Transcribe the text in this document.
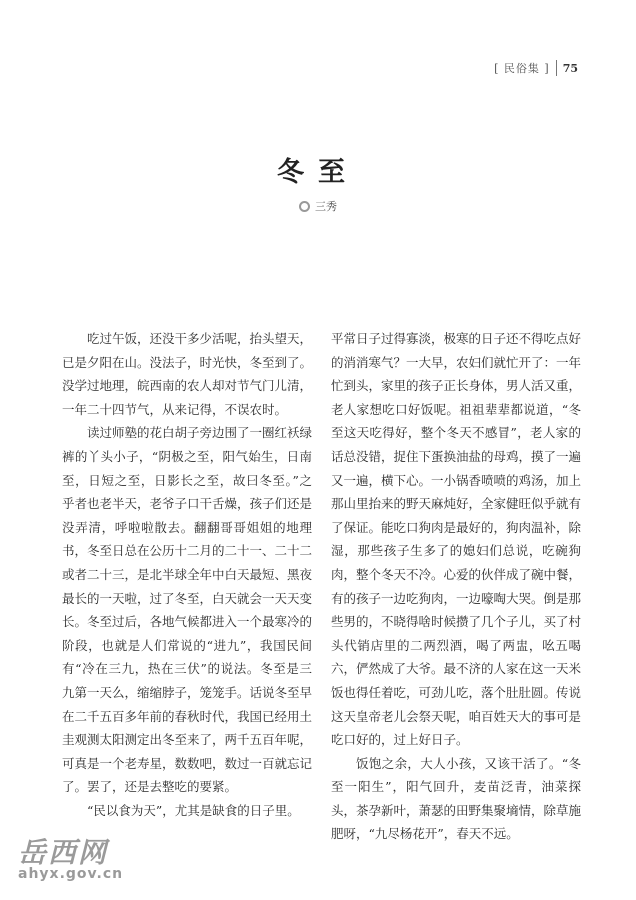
[ 民俗集 ] 75
冬至
三秀

吃过午饭，还没干多少活呢，抬头望天，已是夕阳在山。没法子，时光快，冬至到了。没学过地理，皖西南的农人却对节气门儿清，一年二十四节气，从来记得，不误农时。

读过师塾的花白胡子旁边围了一圈红袄绿裤的丫头小子，“阴极之至，阳气始生，日南至，日短之至，日影长之至，故曰冬至。”之乎者也老半天，老爷子口干舌燥，孩子们还是没弄清，呼啦啦散去。翻翻哥哥姐姐的地理书，冬至日总在公历十二月的二十一、二十二或者二十三，是北半球全年中白天最短、黑夜最长的一天啦，过了冬至，白天就会一天天变长。冬至过后，各地气候都进入一个最寒冷的阶段，也就是人们常说的“进九”，我国民间有“冷在三九，热在三伏”的说法。冬至是三九第一天么，缩缩脖子，笼笼手。话说冬至早在二千五百多年前的春秋时代，我国已经用土圭观测太阳测定出冬至来了，两千五百年呢，可真是一个老寿星，数数吧，数过一百就忘记了。罢了，还是去整吃的要紧。

“民以食为天”，尤其是缺食的日子里。

平常日子过得寡淡，极寒的日子还不得吃点好的消消寒气？一大早，农妇们就忙开了：一年忙到头，家里的孩子正长身体，男人活又重，老人家想吃口好饭呢。祖祖辈辈都说道，“冬至这天吃得好，整个冬天不感冒”，老人家的话总没错，捉住下蛋换油盐的母鸡，摸了一遍又一遍，横下心。一小锅香喷喷的鸡汤，加上那山里抬来的野天麻炖好，全家健旺似乎就有了保证。能吃口狗肉是最好的，狗肉温补，除湿，那些孩子生多了的媳妇们总说，吃碗狗肉，整个冬天不冷。心爱的伙伴成了碗中餐，有的孩子一边吃狗肉，一边嚎啕大哭。倒是那些男的，不晓得啥时候攒了几个子儿，买了村头代销店里的二两烈酒，喝了两盅，吆五喝六，俨然成了大爷。最不济的人家在这一天米饭也得任着吃，可劲儿吃，落个肚肚圆。传说这天皇帝老儿会祭天呢，咱百姓天大的事可是吃口好的，过上好日子。

饭饱之余，大人小孩，又该干活了。“冬至一阳生”，阳气回升，麦苗泛青，油菜探头，茶孕新叶，萧瑟的田野集聚墒情，除草施肥呀，“九尽杨花开”，春天不远。

岳西网
ahyx.gov.cn
